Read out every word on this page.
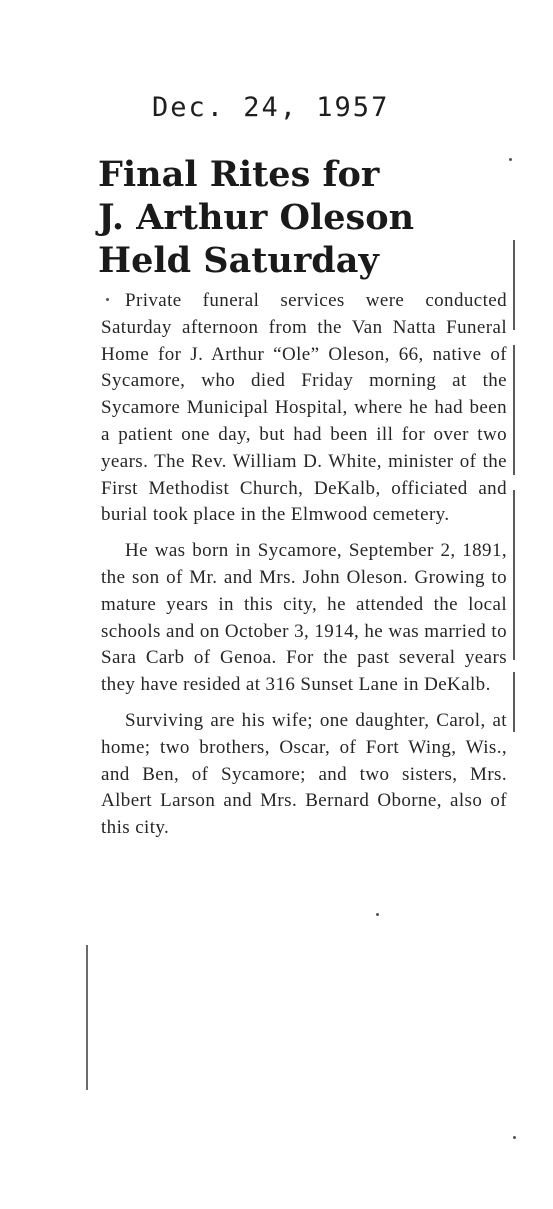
Dec. 24, 1957
Final Rites for
J. Arthur Oleson
Held Saturday

Private funeral services were conducted Saturday afternoon from the Van Natta Funeral Home for J. Arthur “Ole” Oleson, 66, native of Sycamore, who died Friday morning at the Sycamore Municipal Hospital, where he had been a patient one day, but had been ill for over two years. The Rev. William D. White, minister of the First Methodist Church, DeKalb, officiated and burial took place in the Elmwood cemetery.

He was born in Sycamore, September 2, 1891, the son of Mr. and Mrs. John Oleson. Growing to mature years in this city, he attended the local schools and on October 3, 1914, he was married to Sara Carb of Genoa. For the past several years they have resided at 316 Sunset Lane in DeKalb.

Surviving are his wife; one daughter, Carol, at home; two brothers, Oscar, of Fort Wing, Wis., and Ben, of Sycamore; and two sisters, Mrs. Albert Larson and Mrs. Bernard Oborne, also of this city.
